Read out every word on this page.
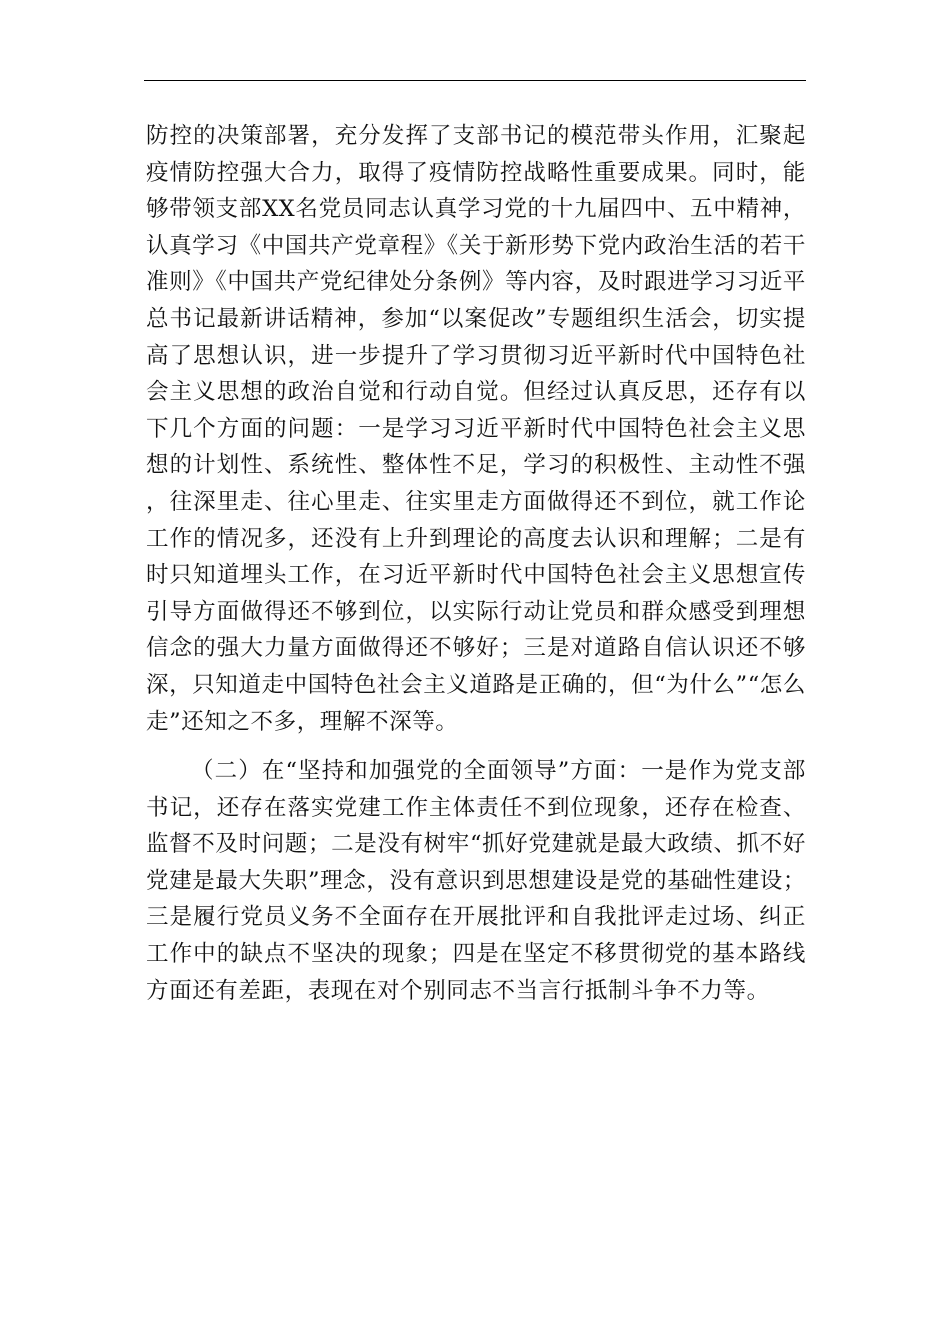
防控的决策部署，充分发挥了支部书记的模范带头作用，汇聚起疫情防控强大合力，取得了疫情防控战略性重要成果。同时，能够带领支部XX名党员同志认真学习党的十九届四中、五中精神，认真学习《中国共产党章程》《关于新形势下党内政治生活的若干准则》《中国共产党纪律处分条例》等内容，及时跟进学习习近平总书记最新讲话精神，参加“以案促改”专题组织生活会，切实提高了思想认识，进一步提升了学习贯彻习近平新时代中国特色社会主义思想的政治自觉和行动自觉。但经过认真反思，还存有以下几个方面的问题：一是学习习近平新时代中国特色社会主义思想的计划性、系统性、整体性不足，学习的积极性、主动性不强，往深里走、往心里走、往实里走方面做得还不到位，就工作论工作的情况多，还没有上升到理论的高度去认识和理解；二是有时只知道埋头工作，在习近平新时代中国特色社会主义思想宣传引导方面做得还不够到位，以实际行动让党员和群众感受到理想信念的强大力量方面做得还不够好；三是对道路自信认识还不够深，只知道走中国特色社会主义道路是正确的，但“为什么”“怎么走”还知之不多，理解不深等。

（二）在“坚持和加强党的全面领导”方面：一是作为党支部书记，还存在落实党建工作主体责任不到位现象，还存在检查、监督不及时问题；二是没有树牢“抓好党建就是最大政绩、抓不好党建是最大失职”理念，没有意识到思想建设是党的基础性建设；三是履行党员义务不全面存在开展批评和自我批评走过场、纠正工作中的缺点不坚决的现象；四是在坚定不移贯彻党的基本路线方面还有差距，表现在对个别同志不当言行抵制斗争不力等。
